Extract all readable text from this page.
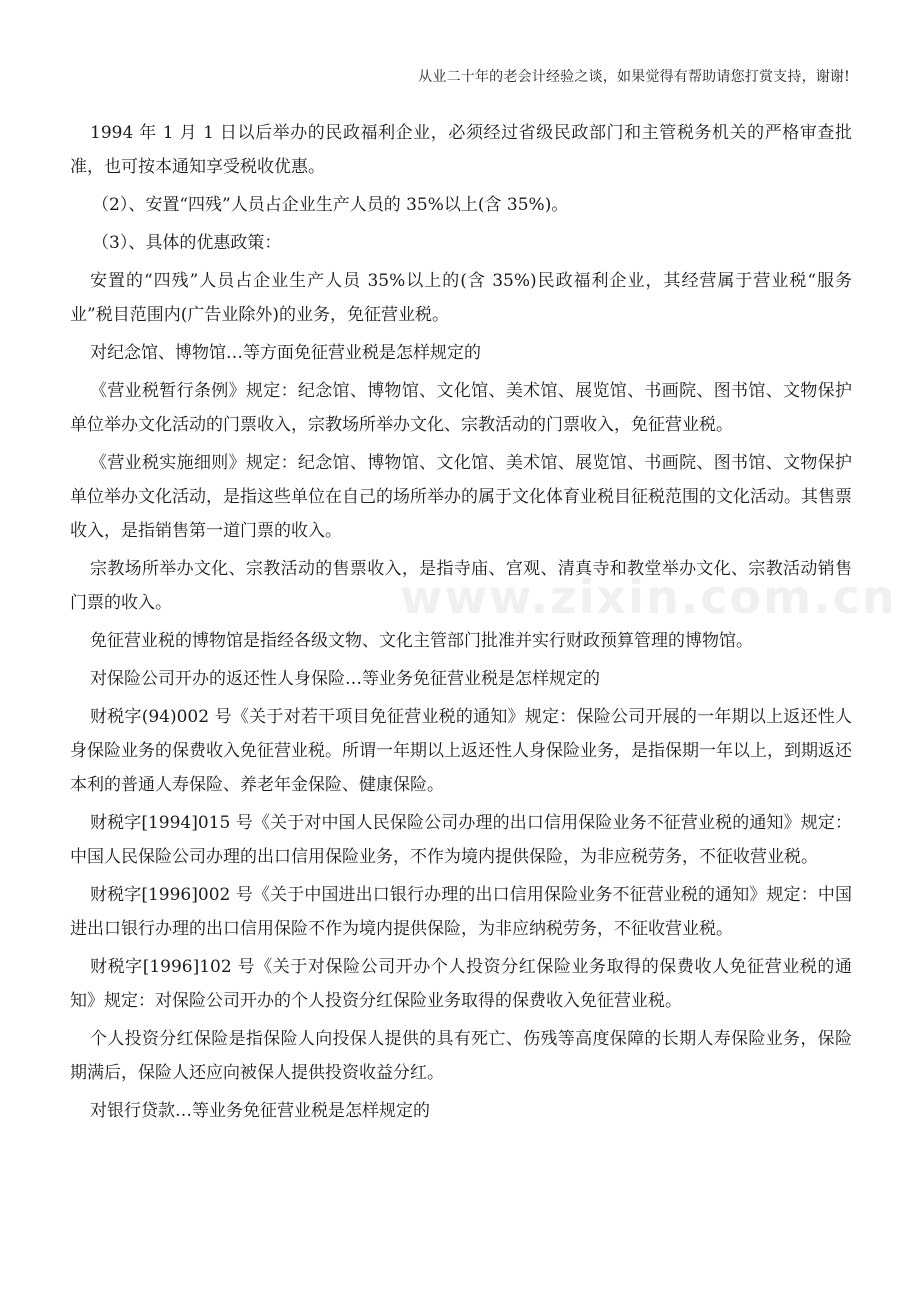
从业二十年的老会计经验之谈，如果觉得有帮助请您打赏支持，谢谢!
www.zixin.com.cn

1994 年 1 月 1 日以后举办的民政福利企业，必须经过省级民政部门和主管税务机关的严格审查批准，也可按本通知享受税收优惠。

（2）、安置“四残”人员占企业生产人员的 35%以上(含 35%)。

（3）、具体的优惠政策：

安置的“四残”人员占企业生产人员 35%以上的(含 35%)民政福利企业，其经营属于营业税“服务业”税目范围内(广告业除外)的业务，免征营业税。

对纪念馆、博物馆…等方面免征营业税是怎样规定的

《营业税暂行条例》规定：纪念馆、博物馆、文化馆、美术馆、展览馆、书画院、图书馆、文物保护单位举办文化活动的门票收入，宗教场所举办文化、宗教活动的门票收入，免征营业税。

《营业税实施细则》规定：纪念馆、博物馆、文化馆、美术馆、展览馆、书画院、图书馆、文物保护单位举办文化活动，是指这些单位在自己的场所举办的属于文化体育业税目征税范围的文化活动。其售票收入，是指销售第一道门票的收入。

宗教场所举办文化、宗教活动的售票收入，是指寺庙、宫观、清真寺和教堂举办文化、宗教活动销售门票的收入。

免征营业税的博物馆是指经各级文物、文化主管部门批准并实行财政预算管理的博物馆。

对保险公司开办的返还性人身保险…等业务免征营业税是怎样规定的

财税字(94)002 号《关于对若干项目免征营业税的通知》规定：保险公司开展的一年期以上返还性人身保险业务的保费收入免征营业税。所谓一年期以上返还性人身保险业务，是指保期一年以上，到期返还本利的普通人寿保险、养老年金保险、健康保险。

财税字[1994]015 号《关于对中国人民保险公司办理的出口信用保险业务不征营业税的通知》规定：中国人民保险公司办理的出口信用保险业务，不作为境内提供保险，为非应税劳务，不征收营业税。

财税字[1996]002 号《关于中国进出口银行办理的出口信用保险业务不征营业税的通知》规定：中国进出口银行办理的出口信用保险不作为境内提供保险，为非应纳税劳务，不征收营业税。

财税字[1996]102 号《关于对保险公司开办个人投资分红保险业务取得的保费收人免征营业税的通知》规定：对保险公司开办的个人投资分红保险业务取得的保费收入免征营业税。

个人投资分红保险是指保险人向投保人提供的具有死亡、伤残等高度保障的长期人寿保险业务，保险期满后，保险人还应向被保人提供投资收益分红。

对银行贷款…等业务免征营业税是怎样规定的
